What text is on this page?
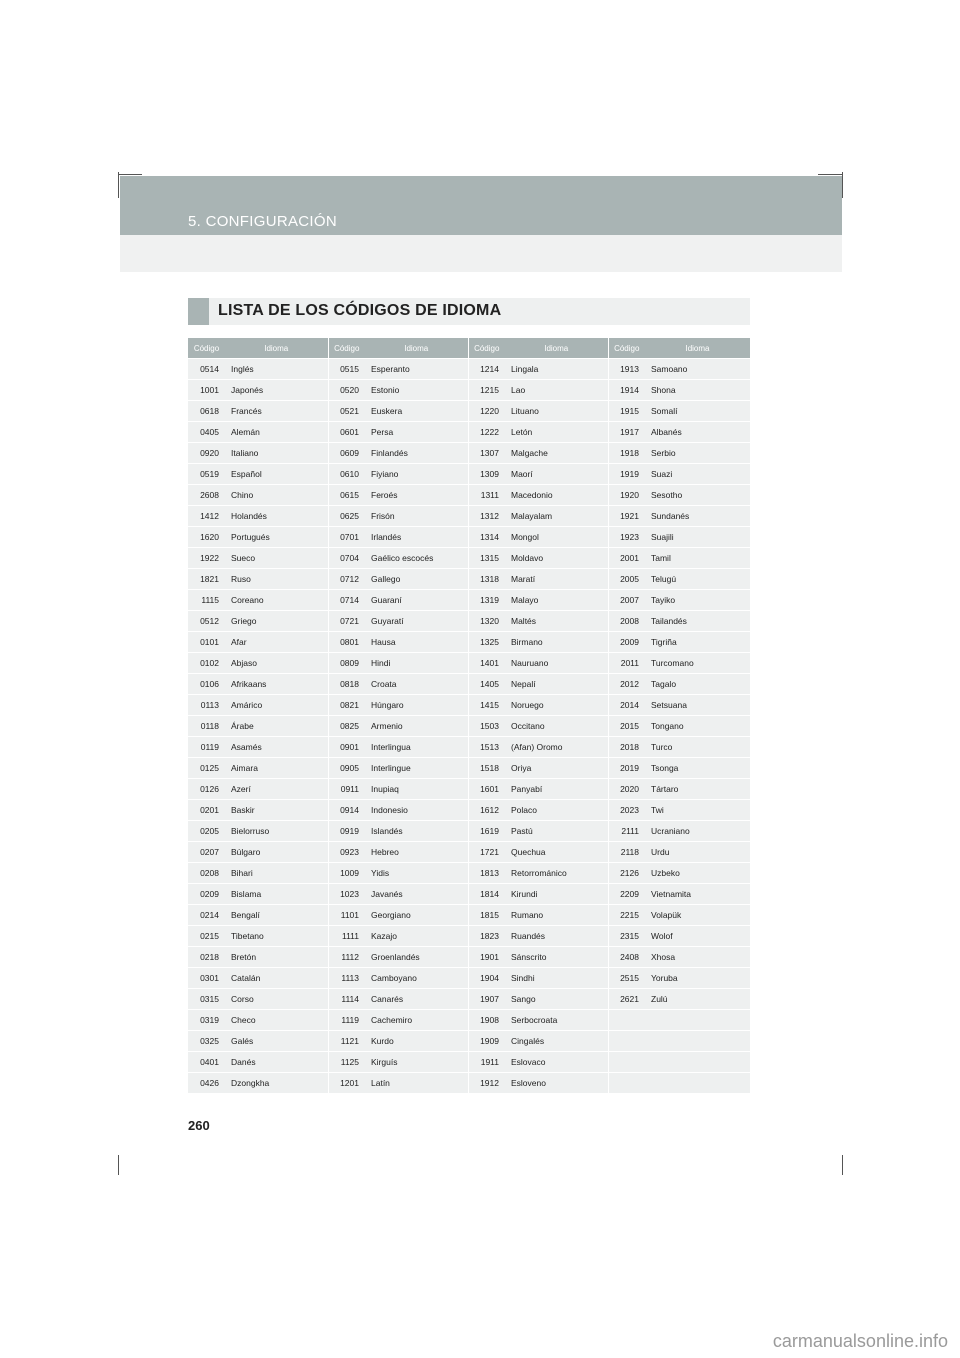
5. CONFIGURACIÓN
LISTA DE LOS CÓDIGOS DE IDIOMA
Código	Idioma	Código	Idioma	Código	Idioma	Código	Idioma
0514	Inglés	0515	Esperanto	1214	Lingala	1913	Samoano
1001	Japonés	0520	Estonio	1215	Lao	1914	Shona
0618	Francés	0521	Euskera	1220	Lituano	1915	Somalí
0405	Alemán	0601	Persa	1222	Letón	1917	Albanés
0920	Italiano	0609	Finlandés	1307	Malgache	1918	Serbio
0519	Español	0610	Fiyiano	1309	Maorí	1919	Suazi
2608	Chino	0615	Feroés	1311	Macedonio	1920	Sesotho
1412	Holandés	0625	Frisón	1312	Malayalam	1921	Sundanés
1620	Portugués	0701	Irlandés	1314	Mongol	1923	Suajili
1922	Sueco	0704	Gaélico escocés	1315	Moldavo	2001	Tamil
1821	Ruso	0712	Gallego	1318	Maratí	2005	Telugú
1115	Coreano	0714	Guaraní	1319	Malayo	2007	Tayiko
0512	Griego	0721	Guyaratí	1320	Maltés	2008	Tailandés
0101	Afar	0801	Hausa	1325	Birmano	2009	Tigriña
0102	Abjaso	0809	Hindi	1401	Nauruano	2011	Turcomano
0106	Afrikaans	0818	Croata	1405	Nepalí	2012	Tagalo
0113	Amárico	0821	Húngaro	1415	Noruego	2014	Setsuana
0118	Árabe	0825	Armenio	1503	Occitano	2015	Tongano
0119	Asamés	0901	Interlingua	1513	(Afan) Oromo	2018	Turco
0125	Aimara	0905	Interlingue	1518	Oriya	2019	Tsonga
0126	Azerí	0911	Inupiaq	1601	Panyabí	2020	Tártaro
0201	Baskir	0914	Indonesio	1612	Polaco	2023	Twi
0205	Bielorruso	0919	Islandés	1619	Pastú	2111	Ucraniano
0207	Búlgaro	0923	Hebreo	1721	Quechua	2118	Urdu
0208	Bihari	1009	Yidis	1813	Retorrománico	2126	Uzbeko
0209	Bislama	1023	Javanés	1814	Kirundi	2209	Vietnamita
0214	Bengalí	1101	Georgiano	1815	Rumano	2215	Volapük
0215	Tibetano	1111	Kazajo	1823	Ruandés	2315	Wolof
0218	Bretón	1112	Groenlandés	1901	Sánscrito	2408	Xhosa
0301	Catalán	1113	Camboyano	1904	Sindhi	2515	Yoruba
0315	Corso	1114	Canarés	1907	Sango	2621	Zulú
0319	Checo	1119	Cachemiro	1908	Serbocroata		
0325	Galés	1121	Kurdo	1909	Cingalés		
0401	Danés	1125	Kirguís	1911	Eslovaco		
0426	Dzongkha	1201	Latín	1912	Esloveno		
260
carmanualsonline.info
